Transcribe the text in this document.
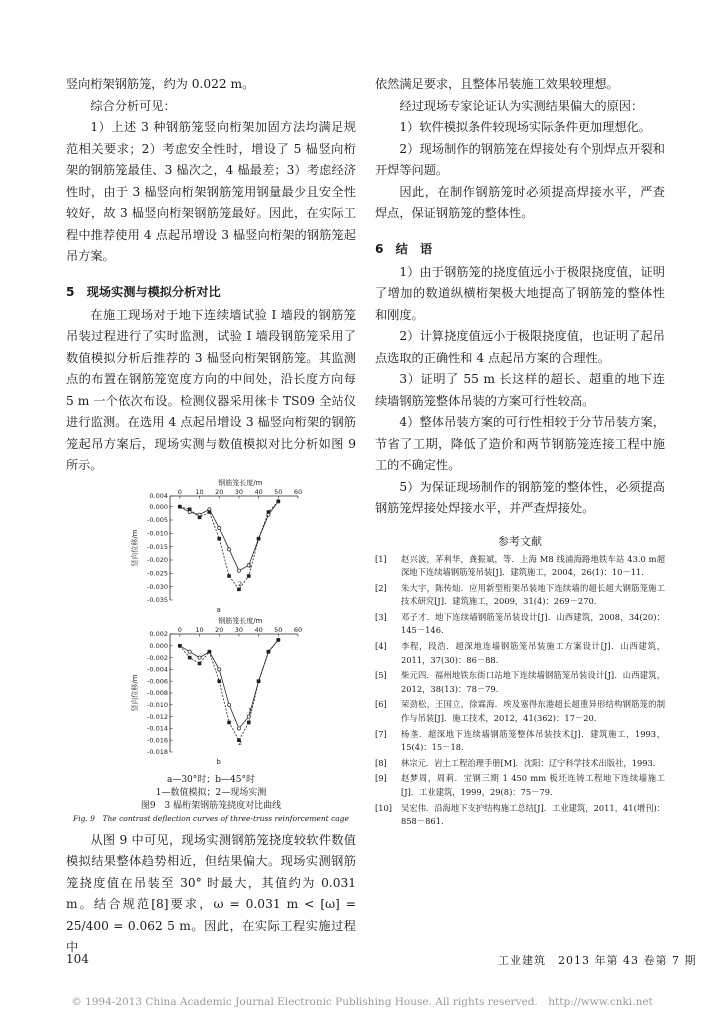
竖向桁架钢筋笼，约为 0.022 m。

综合分析可见：

1）上述 3 种钢筋笼竖向桁架加固方法均满足规范相关要求；2）考虑安全性时，增设了 5 榀竖向桁架的钢筋笼最佳、3 榀次之，4 榀最差；3）考虑经济性时，由于 3 榀竖向桁架钢筋笼用钢量最少且安全性较好，故 3 榀竖向桁架钢筋笼最好。因此，在实际工程中推荐使用 4 点起吊增设 3 榀竖向桁架的钢筋笼起吊方案。

5　现场实测与模拟分析对比

在施工现场对于地下连续墙试验 I 墙段的钢筋笼吊装过程进行了实时监测，试验 I 墙段钢筋笼采用了数值模拟分析后推荐的 3 榀竖向桁架钢筋笼。其监测点的布置在钢筋笼宽度方向的中间处，沿长度方向每 5 m 一个依次布设。检测仪器采用徕卡 TS09 全站仪进行监测。在选用 4 点起吊增设 3 榀竖向桁架的钢筋笼起吊方案后，现场实测与数值模拟对比分析如图 9 所示。

钢筋笼长度/m
0 10 20 30 40 50 60
0.004
0.000
-0.005
-0.010
-0.015
-0.020
-0.025
-0.030
-0.035
竖向位移/m	1
2
a
钢筋笼长度/m
0 10 20 30 40 50 60
0.002
0.000
-0.002
-0.004
-0.006
-0.008
-0.010
-0.012
-0.014
-0.016
-0.018
竖向位移/m	1
2
b
a—30°时；b—45°时
1—数值模拟；2—现场实测
图9　3 榀桁架钢筋笼挠度对比曲线
Fig. 9　The contrast deflection curves of three-truss reinforcement cage

从图 9 中可见，现场实测钢筋笼挠度较软件数值模拟结果整体趋势相近，但结果偏大。现场实测钢筋笼挠度值在吊装至 30° 时最大，其值约为 0.031 m。结合规范[8]要求，ω = 0.031 m < [ω] = 25/400 = 0.062 5 m。因此，在实际工程实施过程中

依然满足要求，且整体吊装施工效果较理想。

经过现场专家论证认为实测结果偏大的原因：

1）软件模拟条件较现场实际条件更加理想化。

2）现场制作的钢筋笼在焊接处有个别焊点开裂和开焊等问题。

因此，在制作钢筋笼时必须提高焊接水平，严查焊点，保证钢筋笼的整体性。

6　结　语

1）由于钢筋笼的挠度值远小于极限挠度值，证明了增加的数道纵横桁架极大地提高了钢筋笼的整体性和刚度。

2）计算挠度值远小于极限挠度值，也证明了起吊点选取的正确性和 4 点起吊方案的合理性。

3）证明了 55 m 长这样的超长、超重的地下连续墙钢筋笼整体吊装的方案可行性较高。

4）整体吊装方案的可行性相较于分节吊装方案，节省了工期，降低了造价和两节钢筋笼连接工程中施工的不确定性。

5）为保证现场制作的钢筋笼的整体性，必须提高钢筋笼焊接处焊接水平，并严查焊接处。

参考文献
[1]	赵兴波，茅利华，龚振斌，等．上海 M8 线浦海路地铁车站 43.0 m超深地下连续墙钢筋笼吊装[J]．建筑施工，2004，26(1)：10－11.
[2]	朱大宇，陈传灿．应用新型桁架吊装地下连续墙的超长超大钢筋笼施工技术研究[J]．建筑施工，2009，31(4)：269－270.
[3]	邓子才．地下连续墙钢筋笼吊装设计[J]．山西建筑，2008，34(20)：145－146.
[4]	李程，段浩．超深地连墙钢筋笼吊装施工方案设计[J]．山西建筑，2011，37(30)：86－88.
[5]	柴元四．福州地铁东街口站地下连续墙钢筋笼吊装设计[J]．山西建筑，2012，38(13)：78－79.
[6]	荣劲松，王国立，徐霖海．埃及塞得东港超长超重异形结构钢筋笼的制作与吊装[J]．施工技术，2012，41(362)：17－20.
[7]	杨垄．超深地下连续墙钢筋笼整体吊装技术[J]．建筑施工，1993，15(4)：15－18.
[8]	林宗元．岩土工程治理手册[M]．沈阳：辽宁科学技术出版社，1993.
[9]	赵梦周，周莉．宝钢三期 1 450 mm 板坯连铸工程地下连续墙施工[J]．工业建筑，1999，29(8)：75－79.
[10]	吴宏伟．沿海地下支护结构施工总结[J]．工业建筑，2011，41(增刊)：858－861.
104	工业建筑　2013 年第 43 卷第 7 期
© 1994-2013 China Academic Journal Electronic Publishing House. All rights reserved.　http://www.cnki.net
